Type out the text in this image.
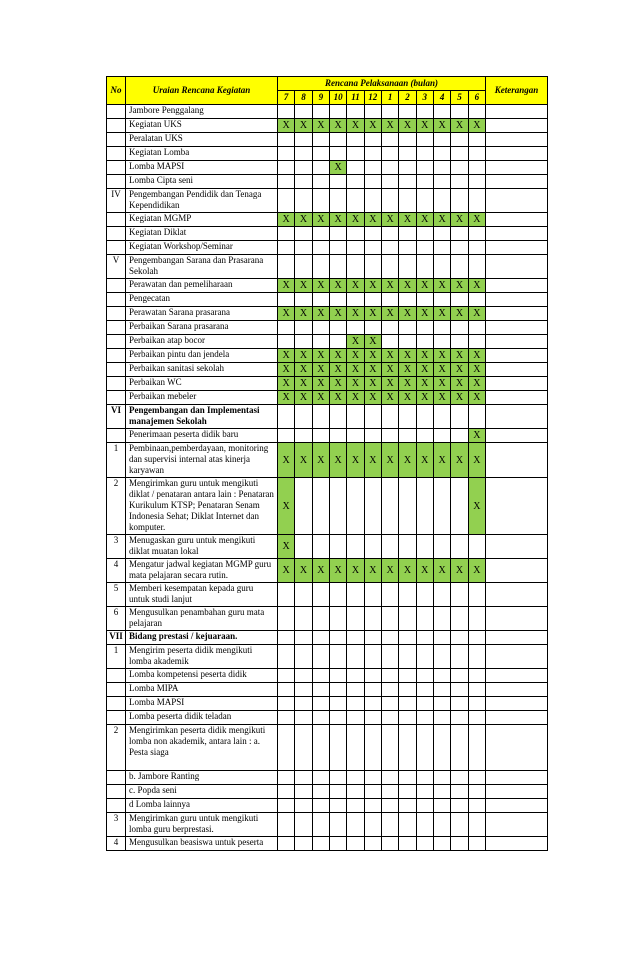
No	Uraian Rencana Kegiatan	Rencana Pelaksanaan (bulan)												Keterangan
		7	8	9	10	11	12	1	2	3	4	5	6	
	Jambore Penggalang													
	Kegiatan UKS	X	X	X	X	X	X	X	X	X	X	X	X	
	Peralatan UKS													
	Kegiatan Lomba													
	Lomba MAPSI				X									
	Lomba Cipta seni													
IV	Pengembangan Pendidik dan Tenaga Kependidikan													
	Kegiatan MGMP	X	X	X	X	X	X	X	X	X	X	X	X	
	Kegiatan Diklat													
	Kegiatan Workshop/Seminar													
V	Pengembangan Sarana dan Prasarana Sekolah													
	Perawatan dan pemeliharaan	X	X	X	X	X	X	X	X	X	X	X	X	
	Pengecatan													
	Perawatan Sarana prasarana	X	X	X	X	X	X	X	X	X	X	X	X	
	Perbaikan Sarana prasarana													
	Perbaikan atap bocor					X	X							
	Perbaikan pintu dan jendela	X	X	X	X	X	X	X	X	X	X	X	X	
	Perbaikan sanitasi sekolah	X	X	X	X	X	X	X	X	X	X	X	X	
	Perbaikan WC	X	X	X	X	X	X	X	X	X	X	X	X	
	Perbaikan mebeler	X	X	X	X	X	X	X	X	X	X	X	X	
VI	Pengembangan dan Implementasi manajemen Sekolah													
	Penerimaan peserta didik baru												X	
1	Pembinaan,pemberdayaan, monitoring dan supervisi internal atas kinerja karyawan	X	X	X	X	X	X	X	X	X	X	X	X	
2	Mengirimkan guru untuk mengikuti diklat / penataran antara lain : Penataran Kurikulum KTSP; Penataran Senam Indonesia Sehat; Diklat Internet dan komputer.	X											X	
3	Menugaskan guru untuk mengikuti diklat muatan lokal	X												
4	Mengatur jadwal kegiatan MGMP guru mata pelajaran secara rutin.	X	X	X	X	X	X	X	X	X	X	X	X	
5	Memberi kesempatan kepada guru untuk studi lanjut													
6	Mengusulkan penambahan guru mata pelajaran													
VII	Bidang prestasi / kejuaraan.													
1	Mengirim peserta didik mengikuti lomba akademik													
	Lomba kompetensi peserta didik													
	Lomba MIPA													
	Lomba MAPSI													
	Lomba peserta didik teladan													
2	Mengirimkan peserta didik mengikuti lomba non akademik, antara lain : a. Pesta siaga													
	b. Jambore Ranting													
	c. Popda seni													
	d Lomba lainnya													
3	Mengirimkan guru untuk mengikuti lomba guru berprestasi.													
4	Mengusulkan beasiswa untuk peserta													
